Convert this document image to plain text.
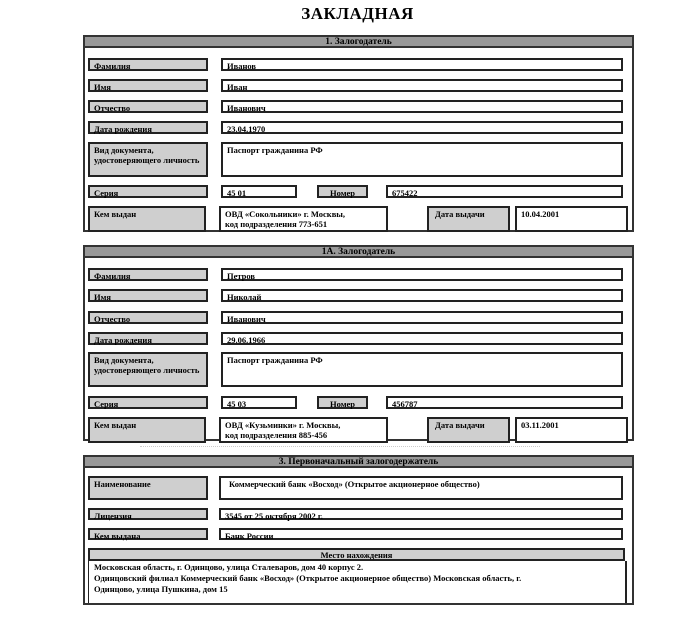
ЗАКЛАДНАЯ
1. Залогодатель
Фамилия	Иванов
Имя	Иван
Отчество	Иванович
Дата рождения	23.04.1970
Вид документа, удостоверяющего личность
Паспорт гражданина РФ
Серия	45 01	Номер	675422
Кем выдан	ОВД «Сокольники» г. Москвы,
код подразделения 773-651
Дата выдачи	10.04.2001
1А. Залогодатель
Фамилия	Петров
Имя	Николай
Отчество	Иванович
Дата рождения	29.06.1966
Вид документа, удостоверяющего личность
Паспорт гражданина РФ
Серия	45 03	Номер	456787
Кем выдан	ОВД «Кузьминки» г. Москвы,
код подразделения 885-456
Дата выдачи	03.11.2001
3. Первоначальный залогодержатель
Наименование	Коммерческий банк «Восход» (Открытое акционерное общество)
Лицензия	3545 от 25 октября 2002 г.
Кем выдана	Банк России
Место нахождения
Московская область, г. Одинцово, улица Сталеваров, дом 40 корпус 2.
Одинцовский филиал Коммерческий банк «Восход» (Открытое акционерное общество) Московская область, г.
Одинцово, улица Пушкина, дом 15
